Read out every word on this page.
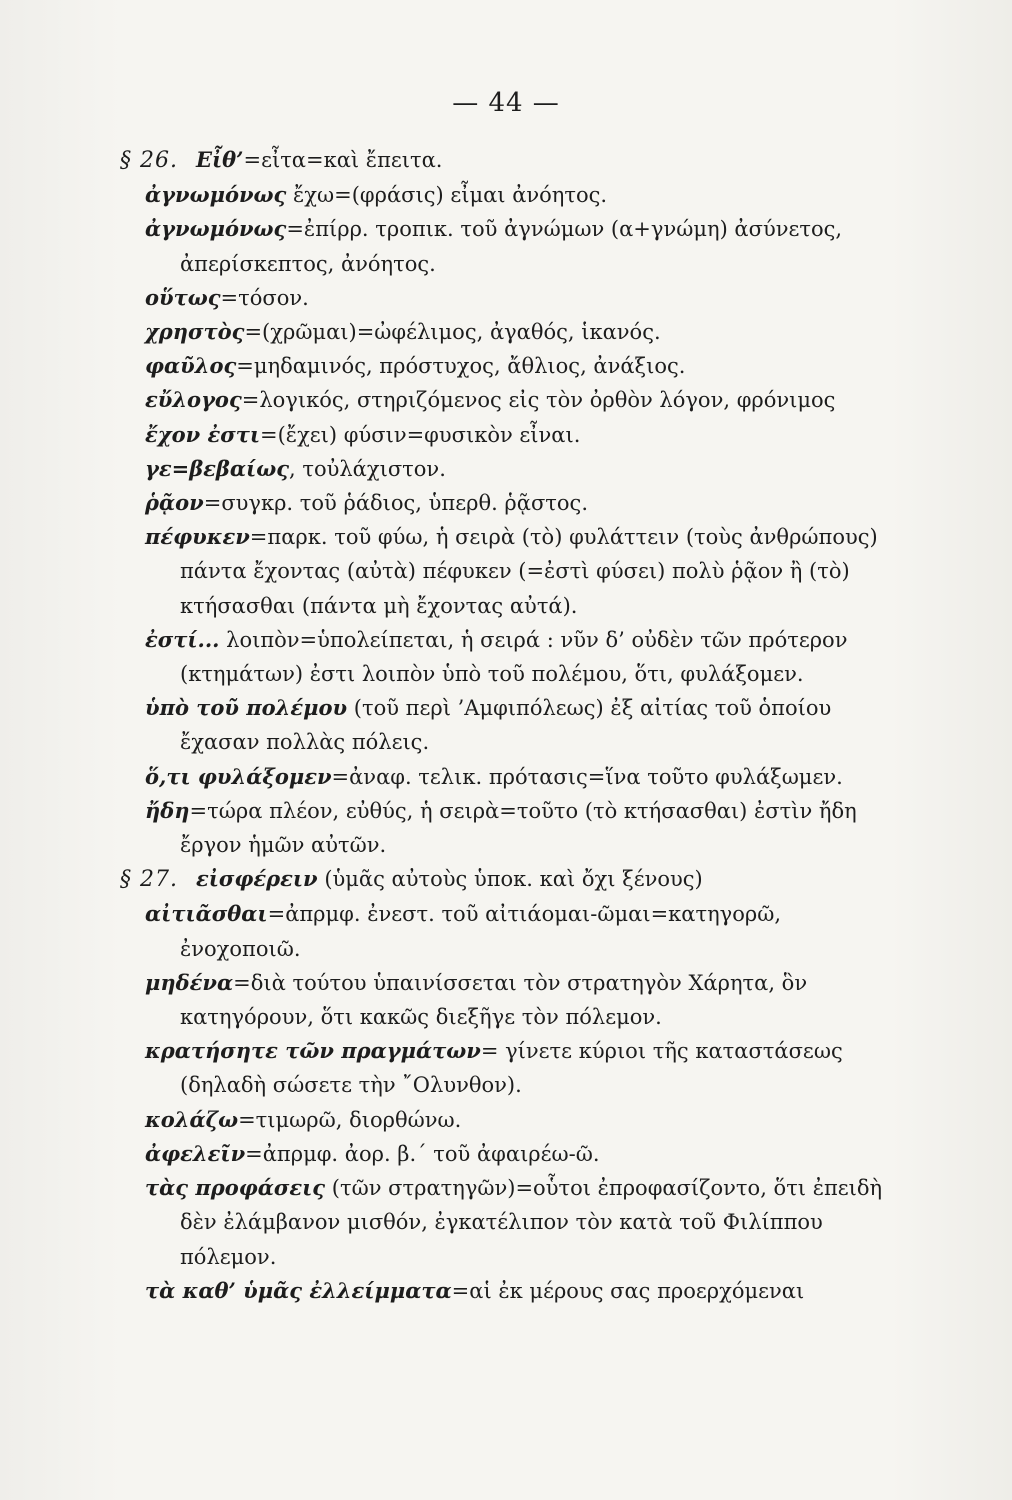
— 44 —

§ 26. Εἶθ’=εἶτα=καὶ ἔπειτα.

ἀγνωμόνως ἔχω=(φράσις) εἶμαι ἀνόητος.

ἀγνωμόνως=ἐπίρρ. τροπικ. τοῦ ἀγνώμων (α+γνώμη) ἀσύνετος, ἀπερίσκεπτος, ἀνόητος.

οὕτως=τόσον.

χρηστὸς=(χρῶμαι)=ὠφέλιμος, ἀγαθός, ἱκανός.

φαῦλος=μηδαμινός, πρόστυχος, ἄθλιος, ἀνάξιος.

εὔλογος=λογικός, στηριζόμενος εἰς τὸν ὀρθὸν λόγον, φρόνιμος

ἔχον ἐστι=(ἔχει) φύσιν=φυσικὸν εἶναι.

γε=βεβαίως, τοὐλάχιστον.

ῥᾷον=συγκρ. τοῦ ῥάδιος, ὑπερθ. ῥᾷστος.

πέφυκεν=παρκ. τοῦ φύω, ἡ σειρὰ (τὸ) φυλάττειν (τοὺς ἀνθρώπους) πάντα ἔχοντας (αὐτὰ) πέφυκεν (=ἐστὶ φύσει) πολὺ ῥᾷον ἢ (τὸ) κτήσασθαι (πάντα μὴ ἔχοντας αὐτά).

ἐστί... λοιπὸν=ὑπολείπεται, ἡ σειρά : νῦν δ’ οὐδὲν τῶν πρότερον (κτημάτων) ἐστι λοιπὸν ὑπὸ τοῦ πολέμου, ὅτι, φυλάξομεν.

ὑπὸ τοῦ πολέμου (τοῦ περὶ ’Αμφιπόλεως) ἐξ αἰτίας τοῦ ὁποίου ἔχασαν πολλὰς πόλεις.

ὅ,τι φυλάξομεν=ἀναφ. τελικ. πρότασις=ἵνα τοῦτο φυλάξωμεν.

ἤδη=τώρα πλέον, εὐθύς, ἡ σειρὰ=τοῦτο (τὸ κτήσασθαι) ἐστὶν ἤδη ἔργον ἡμῶν αὐτῶν.

§ 27. εἰσφέρειν (ὑμᾶς αὐτοὺς ὑποκ. καὶ ὄχι ξένους)

αἰτιᾶσθαι=ἀπρμφ. ἐνεστ. τοῦ αἰτιάομαι-ῶμαι=κατηγορῶ, ἐνοχοποιῶ.

μηδένα=διὰ τούτου ὑπαινίσσεται τὸν στρατηγὸν Χάρητα, ὃν κατηγόρουν, ὅτι κακῶς διεξῆγε τὸν πόλεμον.

κρατήσητε τῶν πραγμάτων= γίνετε κύριοι τῆς καταστάσεως (δηλαδὴ σώσετε τὴν ῎Ολυνθον).

κολάζω=τιμωρῶ, διορθώνω.

ἀφελεῖν=ἀπρμφ. ἀορ. β.΄ τοῦ ἀφαιρέω-ῶ.

τὰς προφάσεις (τῶν στρατηγῶν)=οὗτοι ἐπροφασίζοντο, ὅτι ἐπειδὴ δὲν ἐλάμβανον μισθόν, ἐγκατέλιπον τὸν κατὰ τοῦ Φιλίππου πόλεμον.

τὰ καθ’ ὑμᾶς ἐλλείμματα=αἱ ἐκ μέρους σας προερχόμεναι
